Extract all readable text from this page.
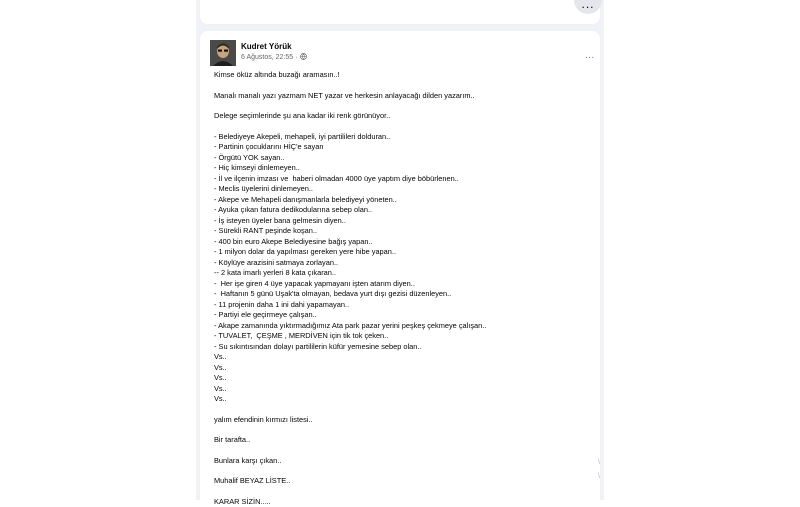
...
Kudret Yörük
6 Ağustos, 22:55 ·	...
Kimse öküz altında buzağı aramasın..!
Manalı manalı yazı yazmam NET yazar ve herkesin anlayacağı dilden yazarım..
Delege seçimlerinde şu ana kadar iki renk görünüyor..
- Belediyeye Akepeli, mehapeli, iyi partilileri dolduran..
- Partinin çocuklarını HİÇ'e sayan
- Örgütü YOK sayan..
- Hiç kimseyi dinlemeyen..
- İl ve ilçenin imzası ve  haberi olmadan 4000 üye yaptım diye böbürlenen..
- Meclis üyelerini dinlemeyen..
- Akepe ve Mehapeli danışmanlarla belediyeyi yöneten..
- Ayuka çıkan fatura dedikodularına sebep olan..
- İş isteyen üyeler bana gelmesin diyen..
- Sürekli RANT peşinde koşan..
- 400 bin euro Akepe Belediyesine bağış yapan..
- 1 milyon dolar da yapılması gereken yere hibe yapan..
- Köylüye arazisini satmaya zorlayan..
-- 2 kata imarlı yerleri 8 kata çıkaran..
-  Her işe giren 4 üye yapacak yapmayanı işten atarım diyen..
-  Haftanın 5 günü Uşak'ta olmayan, bedava yurt dışı gezisi düzenleyen..
- 11 projenin daha 1 ini dahi yapamayan..
- Partiyi ele geçirmeye çalışan..
- Akape zamanında yıktırmadığımız Ata park pazar yerini peşkeş çekmeye çalışan..
- TUVALET,  ÇEŞME , MERDİVEN için tik tok çeken..
- Su sıkıntısından dolayı partililerin küfür yemesine sebep olan..
Vs..
Vs..
Vs..
Vs..
Vs..
yalım efendinin kırmızı listesi..
Bir tarafta..
Bunlara karşı çıkan..
Muhalif BEYAZ LİSTE..
KARAR SİZİN.....
\
\
